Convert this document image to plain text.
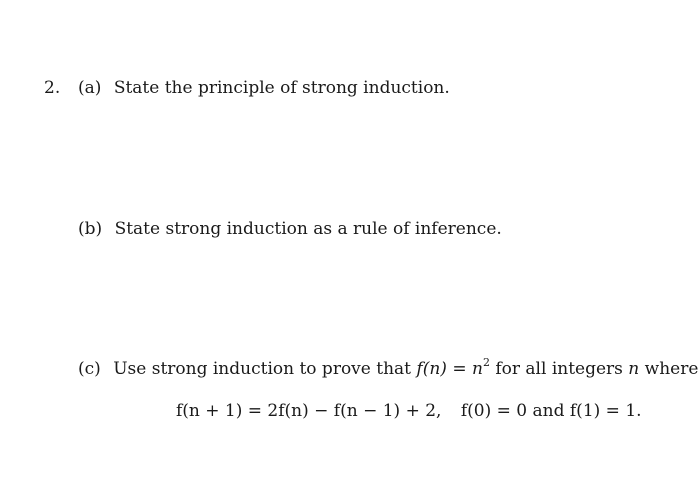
2. (a) State the principle of strong induction.
(b) State strong induction as a rule of inference.
(c) Use strong induction to prove that $f(n) = n^2$ for all integers n where
f(n + 1) = 2f(n) − f(n − 1) + 2, f(0) = 0 and f(1) = 1.
